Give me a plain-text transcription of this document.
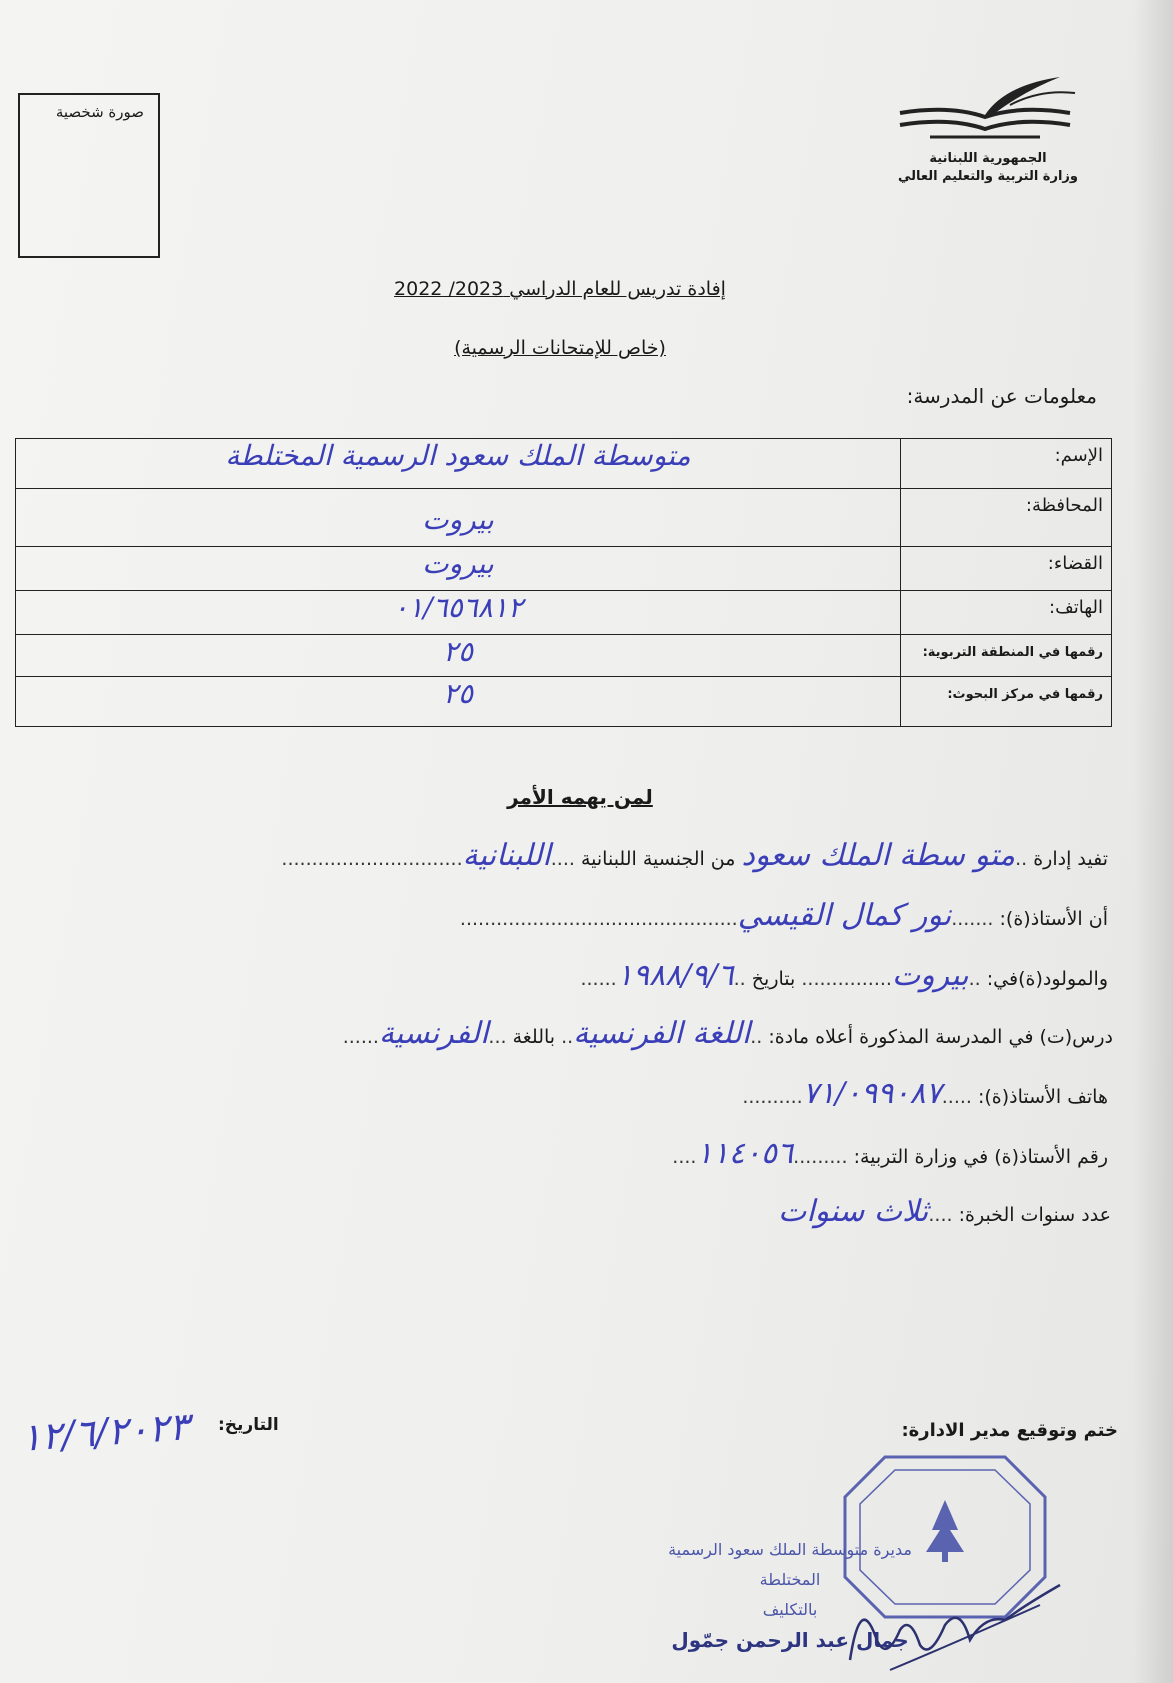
صورة شخصية
الجمهورية اللبنانية
وزارة التربية والتعليم العالي
إفادة تدريس للعام الدراسي 2023/ 2022
(خاص للإمتحانات الرسمية)
معلومات عن المدرسة:
الإسم:	متوسطة الملك سعود الرسمية المختلطة
المحافظة:	بيروت
القضاء:	بيروت
الهاتف:	٠١/٦٥٦٨١٢
رقمها في المنطقة التربوية:	٢٥
رقمها في مركز البحوث:	٢٥
لمن يهمه الأمر
تفيد إدارة ..متو سطة الملك سعود من الجنسية اللبنانية ....اللبنانية..............................
أن الأستاذ(ة): .......نور كمال القيسي..............................................
والمولود(ة)في: ..بيروت............... بتاريخ ..١٩٨٨/٩/٦......
درس(ت) في المدرسة المذكورة أعلاه مادة: ..اللغة الفرنسية.. باللغة ...الفرنسية......
هاتف الأستاذ(ة): .....٧١/٠٩٩٠٨٧..........
رقم الأستاذ(ة) في وزارة التربية: .........١١٤٠٥٦....
عدد سنوات الخبرة: ....ثلاث سنوات
ختم وتوقيع مدير الادارة:
التاريخ:
١٢/٦/٢٠٢٣
مديرة متوسطة الملك سعود الرسمية المختلطة
بالتكليف
جمال عبد الرحمن جمّول
